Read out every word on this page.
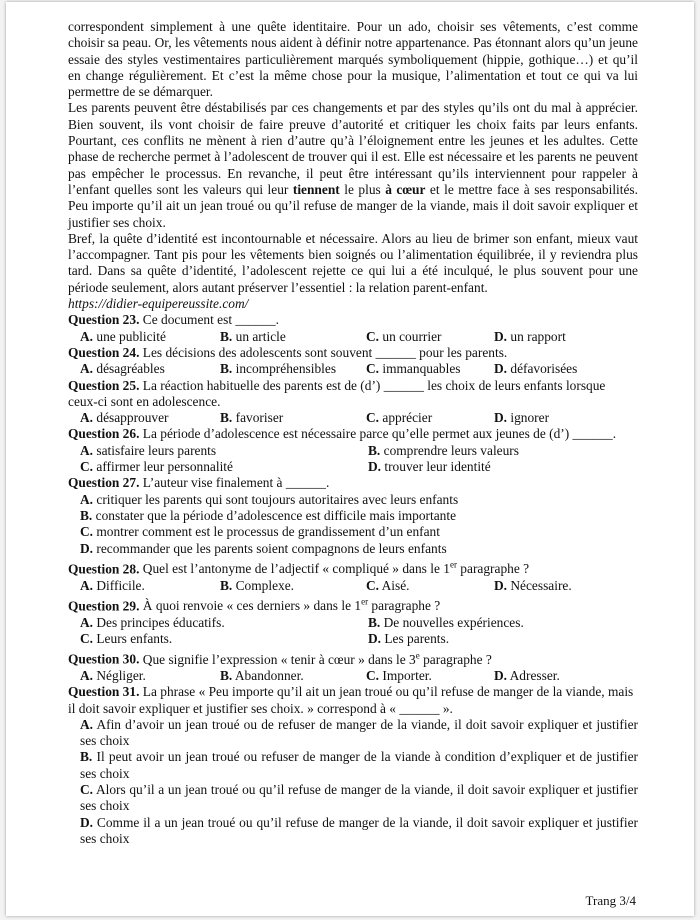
correspondent simplement à une quête identitaire. Pour un ado, choisir ses vêtements, c’est comme choisir sa peau. Or, les vêtements nous aident à définir notre appartenance. Pas étonnant alors qu’un jeune essaie des styles vestimentaires particulièrement marqués symboliquement (hippie, gothique…) et qu’il en change régulièrement. Et c’est la même chose pour la musique, l’alimentation et tout ce qui va lui permettre de se démarquer.

Les parents peuvent être déstabilisés par ces changements et par des styles qu’ils ont du mal à apprécier. Bien souvent, ils vont choisir de faire preuve d’autorité et critiquer les choix faits par leurs enfants. Pourtant, ces conflits ne mènent à rien d’autre qu’à l’éloignement entre les jeunes et les adultes. Cette phase de recherche permet à l’adolescent de trouver qui il est. Elle est nécessaire et les parents ne peuvent pas empêcher le processus. En revanche, il peut être intéressant qu’ils interviennent pour rappeler à l’enfant quelles sont les valeurs qui leur tiennent le plus à cœur et le mettre face à ses responsabilités. Peu importe qu’il ait un jean troué ou qu’il refuse de manger de la viande, mais il doit savoir expliquer et justifier ses choix.

Bref, la quête d’identité est incontournable et nécessaire. Alors au lieu de brimer son enfant, mieux vaut l’accompagner. Tant pis pour les vêtements bien soignés ou l’alimentation équilibrée, il y reviendra plus tard. Dans sa quête d’identité, l’adolescent rejette ce qui lui a été inculqué, le plus souvent pour une période seulement, alors autant préserver l’essentiel : la relation parent-enfant.

https://didier-equipereussite.com/

Question 23. Ce document est ______.

A. une publicité	B. un article	C. un courrier	D. un rapport

Question 24. Les décisions des adolescents sont souvent ______ pour les parents.

A. désagréables	B. incompréhensibles	C. immanquables	D. défavorisées

Question 25. La réaction habituelle des parents est de (d’) ______ les choix de leurs enfants lorsque ceux-ci sont en adolescence.

A. désapprouver	B. favoriser	C. apprécier	D. ignorer

Question 26. La période d’adolescence est nécessaire parce qu’elle permet aux jeunes de (d’) ______.

A. satisfaire leurs parents	B. comprendre leurs valeurs
C. affirmer leur personnalité	D. trouver leur identité

Question 27. L’auteur vise finalement à ______.

A. critiquer les parents qui sont toujours autoritaires avec leurs enfants
B. constater que la période d’adolescence est difficile mais importante
C. montrer comment est le processus de grandissement d’un enfant
D. recommander que les parents soient compagnons de leurs enfants

Question 28. Quel est l’antonyme de l’adjectif « compliqué » dans le 1er paragraphe ?

A. Difficile.	B. Complexe.	C. Aisé.	D. Nécessaire.

Question 29. À quoi renvoie « ces derniers » dans le 1er paragraphe ?

A. Des principes éducatifs.	B. De nouvelles expériences.
C. Leurs enfants.	D. Les parents.

Question 30. Que signifie l’expression « tenir à cœur » dans le 3e paragraphe ?

A. Négliger.	B. Abandonner.	C. Importer.	D. Adresser.

Question 31. La phrase « Peu importe qu’il ait un jean troué ou qu’il refuse de manger de la viande, mais il doit savoir expliquer et justifier ses choix. » correspond à « ______ ».

A. Afin d’avoir un jean troué ou de refuser de manger de la viande, il doit savoir expliquer et justifier ses choix
B. Il peut avoir un jean troué ou refuser de manger de la viande à condition d’expliquer et de justifier ses choix
C. Alors qu’il a un jean troué ou qu’il refuse de manger de la viande, il doit savoir expliquer et justifier ses choix
D. Comme il a un jean troué ou qu’il refuse de manger de la viande, il doit savoir expliquer et justifier ses choix
Trang 3/4
